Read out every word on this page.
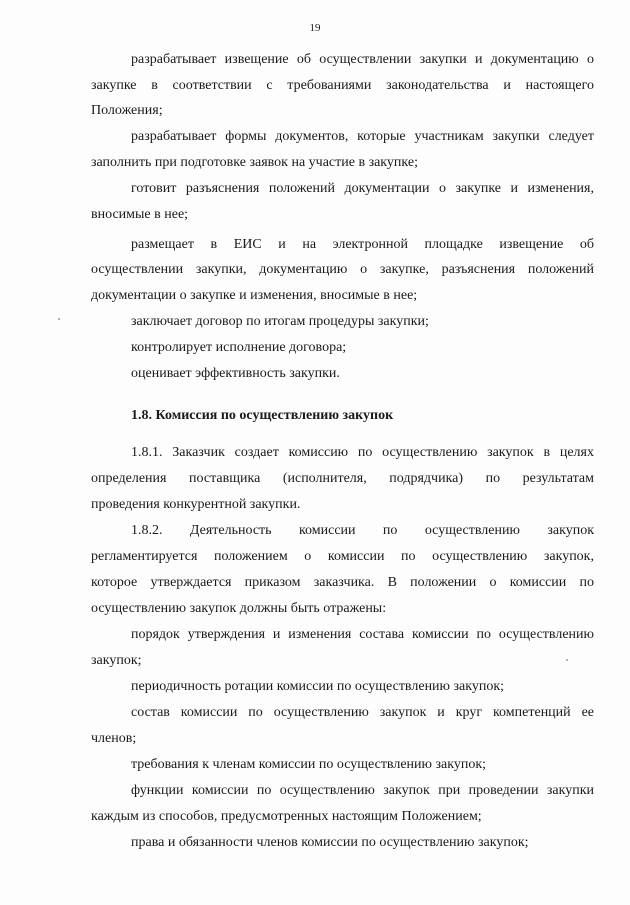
19
разрабатывает извещение об осуществлении закупки и документацию о
закупке в соответствии с требованиями законодательства и настоящего
Положения;
разрабатывает формы документов, которые участникам закупки следует
заполнить при подготовке заявок на участие в закупке;
готовит разъяснения положений документации о закупке и изменения,
вносимые в нее;
размещает в ЕИС и на электронной площадке извещение об
осуществлении закупки, документацию о закупке, разъяснения положений
документации о закупке и изменения, вносимые в нее;
заключает договор по итогам процедуры закупки;
контролирует исполнение договора;
оценивает эффективность закупки.
1.8. Комиссия по осуществлению закупок
1.8.1. Заказчик создает комиссию по осуществлению закупок в целях
определения поставщика (исполнителя, подрядчика) по результатам
проведения конкурентной закупки.
1.8.2. Деятельность комиссии по осуществлению закупок
регламентируется положением о комиссии по осуществлению закупок,
которое утверждается приказом заказчика. В положении о комиссии по
осуществлению закупок должны быть отражены:
порядок утверждения и изменения состава комиссии по осуществлению
закупок;
периодичность ротации комиссии по осуществлению закупок;
состав комиссии по осуществлению закупок и круг компетенций ее
членов;
требования к членам комиссии по осуществлению закупок;
функции комиссии по осуществлению закупок при проведении закупки
каждым из способов, предусмотренных настоящим Положением;
права и обязанности членов комиссии по осуществлению закупок;
